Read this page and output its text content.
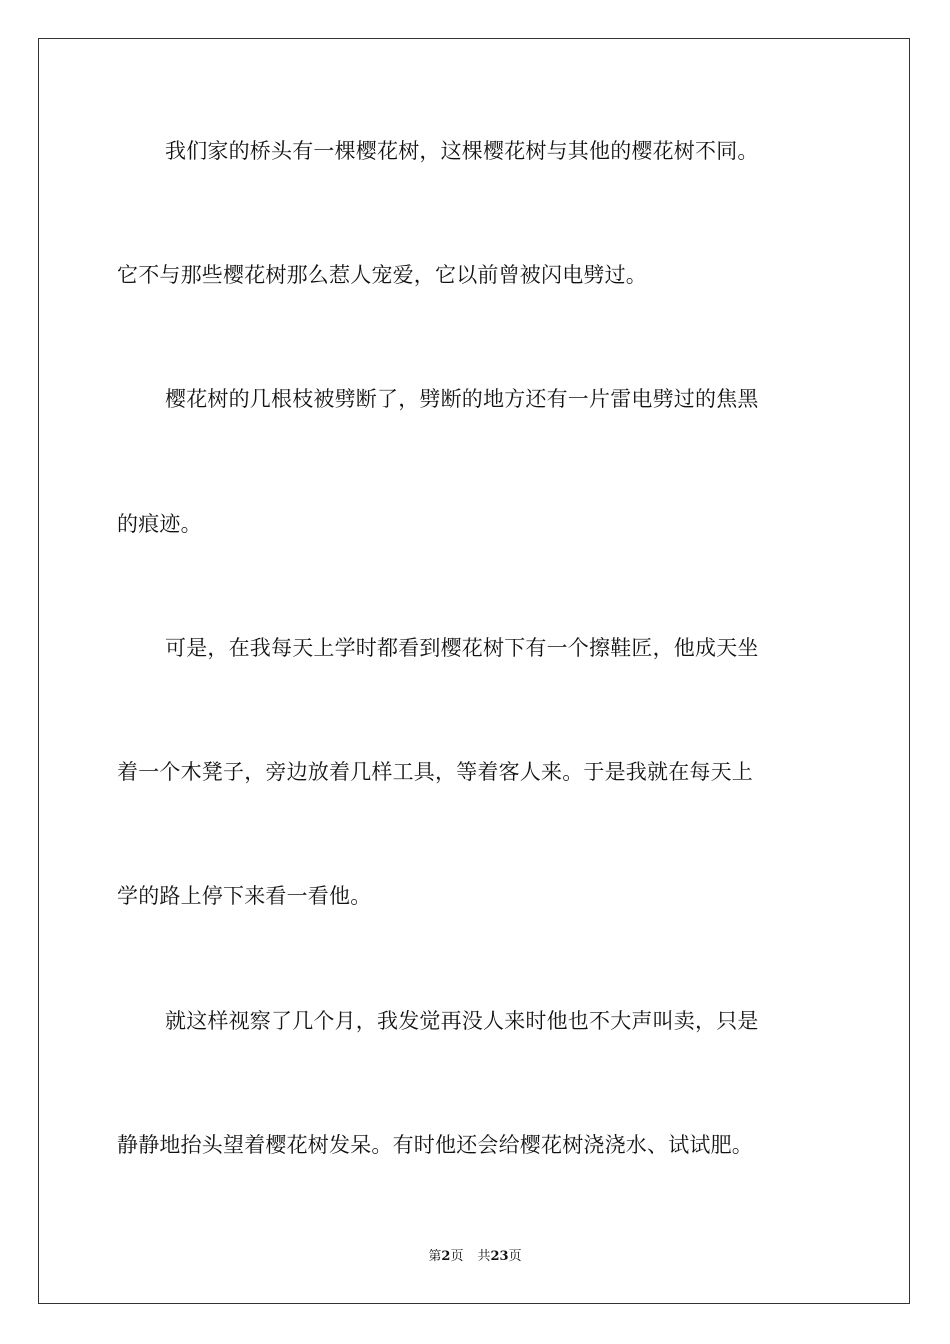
我们家的桥头有一棵樱花树，这棵樱花树与其他的樱花树不同。
它不与那些樱花树那么惹人宠爱，它以前曾被闪电劈过。
樱花树的几根枝被劈断了，劈断的地方还有一片雷电劈过的焦黑
的痕迹。
可是，在我每天上学时都看到樱花树下有一个擦鞋匠，他成天坐
着一个木凳子，旁边放着几样工具，等着客人来。于是我就在每天上
学的路上停下来看一看他。
就这样视察了几个月，我发觉再没人来时他也不大声叫卖，只是
静静地抬头望着樱花树发呆。有时他还会给樱花树浇浇水、试试肥。
第2页 共23页
